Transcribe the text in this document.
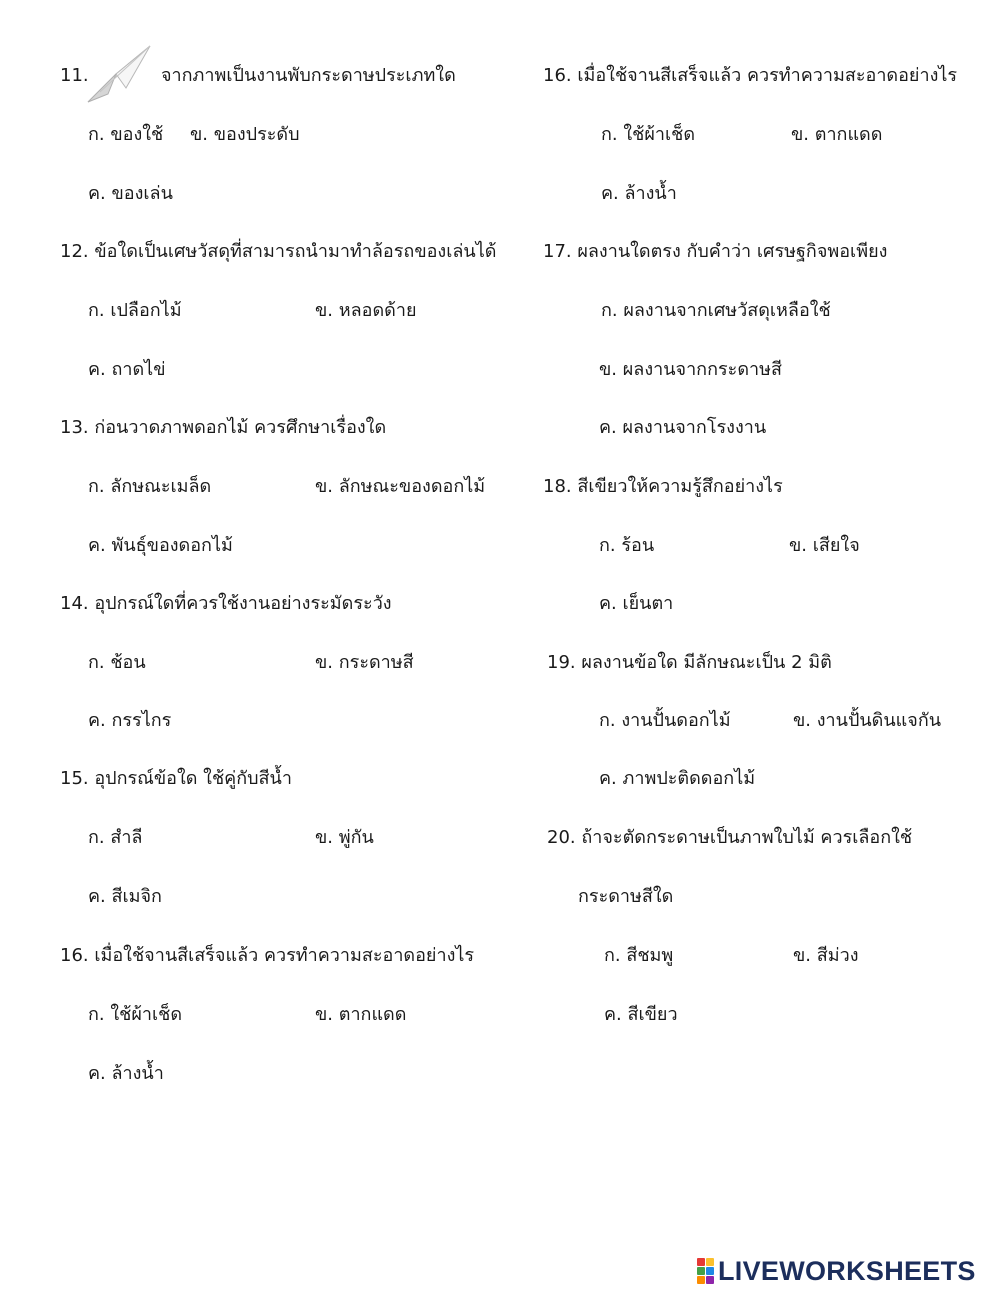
11.	จากภาพเป็นงานพับกระดาษประเภทใด
ก. ของใช้ ข. ของประดับ
ค. ของเล่น
12. ข้อใดเป็นเศษวัสดุที่สามารถนำมาทำล้อรถของเล่นได้
ก. เปลือกไม้	ข. หลอดด้าย
ค. ถาดไข่
13. ก่อนวาดภาพดอกไม้ ควรศึกษาเรื่องใด
ก. ลักษณะเมล็ด	ข. ลักษณะของดอกไม้
ค. พันธุ์ของดอกไม้
14. อุปกรณ์ใดที่ควรใช้งานอย่างระมัดระวัง
ก. ช้อน	ข. กระดาษสี
ค. กรรไกร
15. อุปกรณ์ข้อใด ใช้คู่กับสีน้ำ
ก. สำลี	ข. พู่กัน
ค. สีเมจิก
16. เมื่อใช้จานสีเสร็จแล้ว ควรทำความสะอาดอย่างไร
ก. ใช้ผ้าเช็ด	ข. ตากแดด
ค. ล้างน้ำ
16. เมื่อใช้จานสีเสร็จแล้ว ควรทำความสะอาดอย่างไร
ก. ใช้ผ้าเช็ด	ข. ตากแดด
ค. ล้างน้ำ
17. ผลงานใดตรง กับคำว่า เศรษฐกิจพอเพียง
ก. ผลงานจากเศษวัสดุเหลือใช้
ข. ผลงานจากกระดาษสี
ค. ผลงานจากโรงงาน
18. สีเขียวให้ความรู้สึกอย่างไร
ก. ร้อน	ข. เสียใจ
ค. เย็นตา
19. ผลงานข้อใด มีลักษณะเป็น 2 มิติ
ก. งานปั้นดอกไม้	ข. งานปั้นดินแจกัน
ค. ภาพปะติดดอกไม้
20. ถ้าจะตัดกระดาษเป็นภาพใบไม้ ควรเลือกใช้
กระดาษสีใด
ก. สีชมพู	ข. สีม่วง
ค. สีเขียว
LIVEWORKSHEETS
